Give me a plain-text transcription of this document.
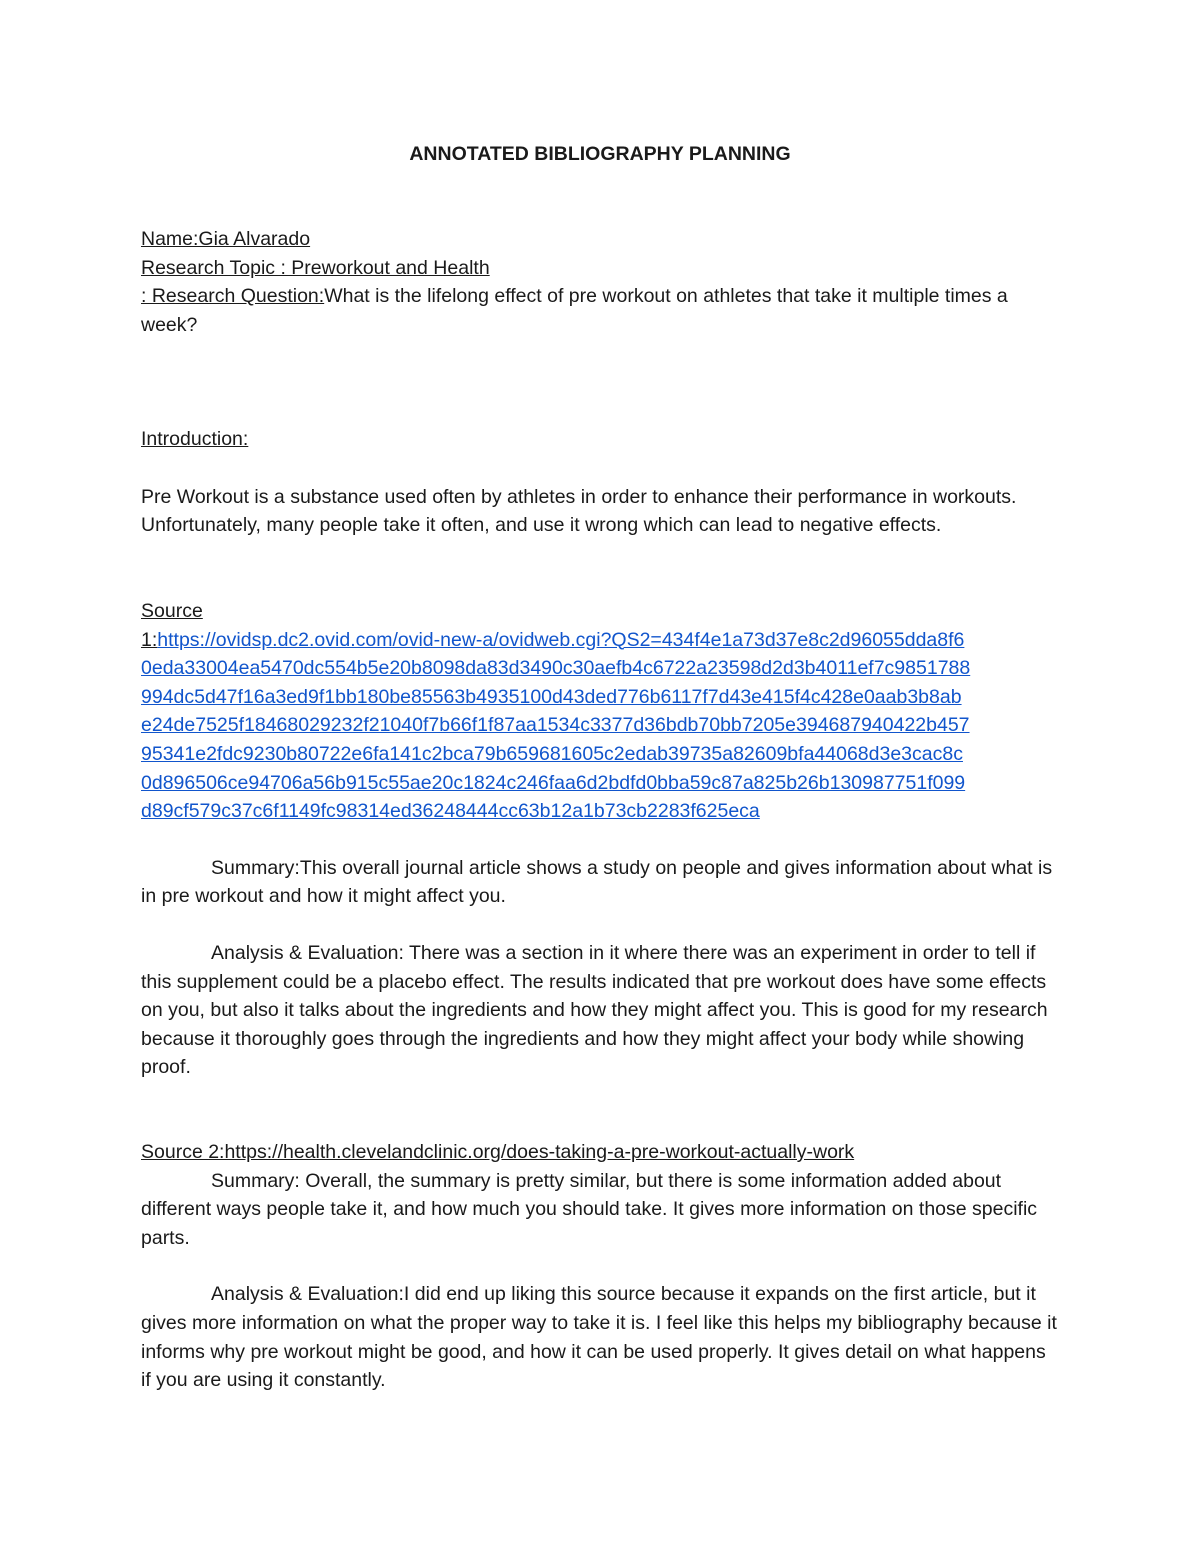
ANNOTATED BIBLIOGRAPHY PLANNING

Name:Gia Alvarado

Research Topic : Preworkout and Health

: Research Question:What is the lifelong effect of pre workout on athletes that take it multiple times a week?

Introduction:

Pre Workout is a substance used often by athletes in order to enhance their performance in workouts. Unfortunately, many people take it often, and use it wrong which can lead to negative effects.

Source

1:https://ovidsp.dc2.ovid.com/ovid-new-a/ovidweb.cgi?QS2=434f4e1a73d37e8c2d96055dda8f6

0eda33004ea5470dc554b5e20b8098da83d3490c30aefb4c6722a23598d2d3b4011ef7c9851788

994dc5d47f16a3ed9f1bb180be85563b4935100d43ded776b6117f7d43e415f4c428e0aab3b8ab

e24de7525f18468029232f21040f7b66f1f87aa1534c3377d36bdb70bb7205e394687940422b457

95341e2fdc9230b80722e6fa141c2bca79b659681605c2edab39735a82609bfa44068d3e3cac8c

0d896506ce94706a56b915c55ae20c1824c246faa6d2bdfd0bba59c87a825b26b130987751f099

d89cf579c37c6f1149fc98314ed36248444cc63b12a1b73cb2283f625eca

Summary:This overall journal article shows a study on people and gives information about what is in pre workout and how it might affect you.

Analysis & Evaluation: There was a section in it where there was an experiment in order to tell if this supplement could be a placebo effect. The results indicated that pre workout does have some effects on you, but also it talks about the ingredients and how they might affect you. This is good for my research because it thoroughly goes through the ingredients and how they might affect your body while showing proof.

Source 2:https://health.clevelandclinic.org/does-taking-a-pre-workout-actually-work

Summary: Overall, the summary is pretty similar, but there is some information added about different ways people take it, and how much you should take. It gives more information on those specific parts.

Analysis & Evaluation:I did end up liking this source because it expands on the first article, but it gives more information on what the proper way to take it is. I feel like this helps my bibliography because it informs why pre workout might be good, and how it can be used properly. It gives detail on what happens if you are using it constantly.
